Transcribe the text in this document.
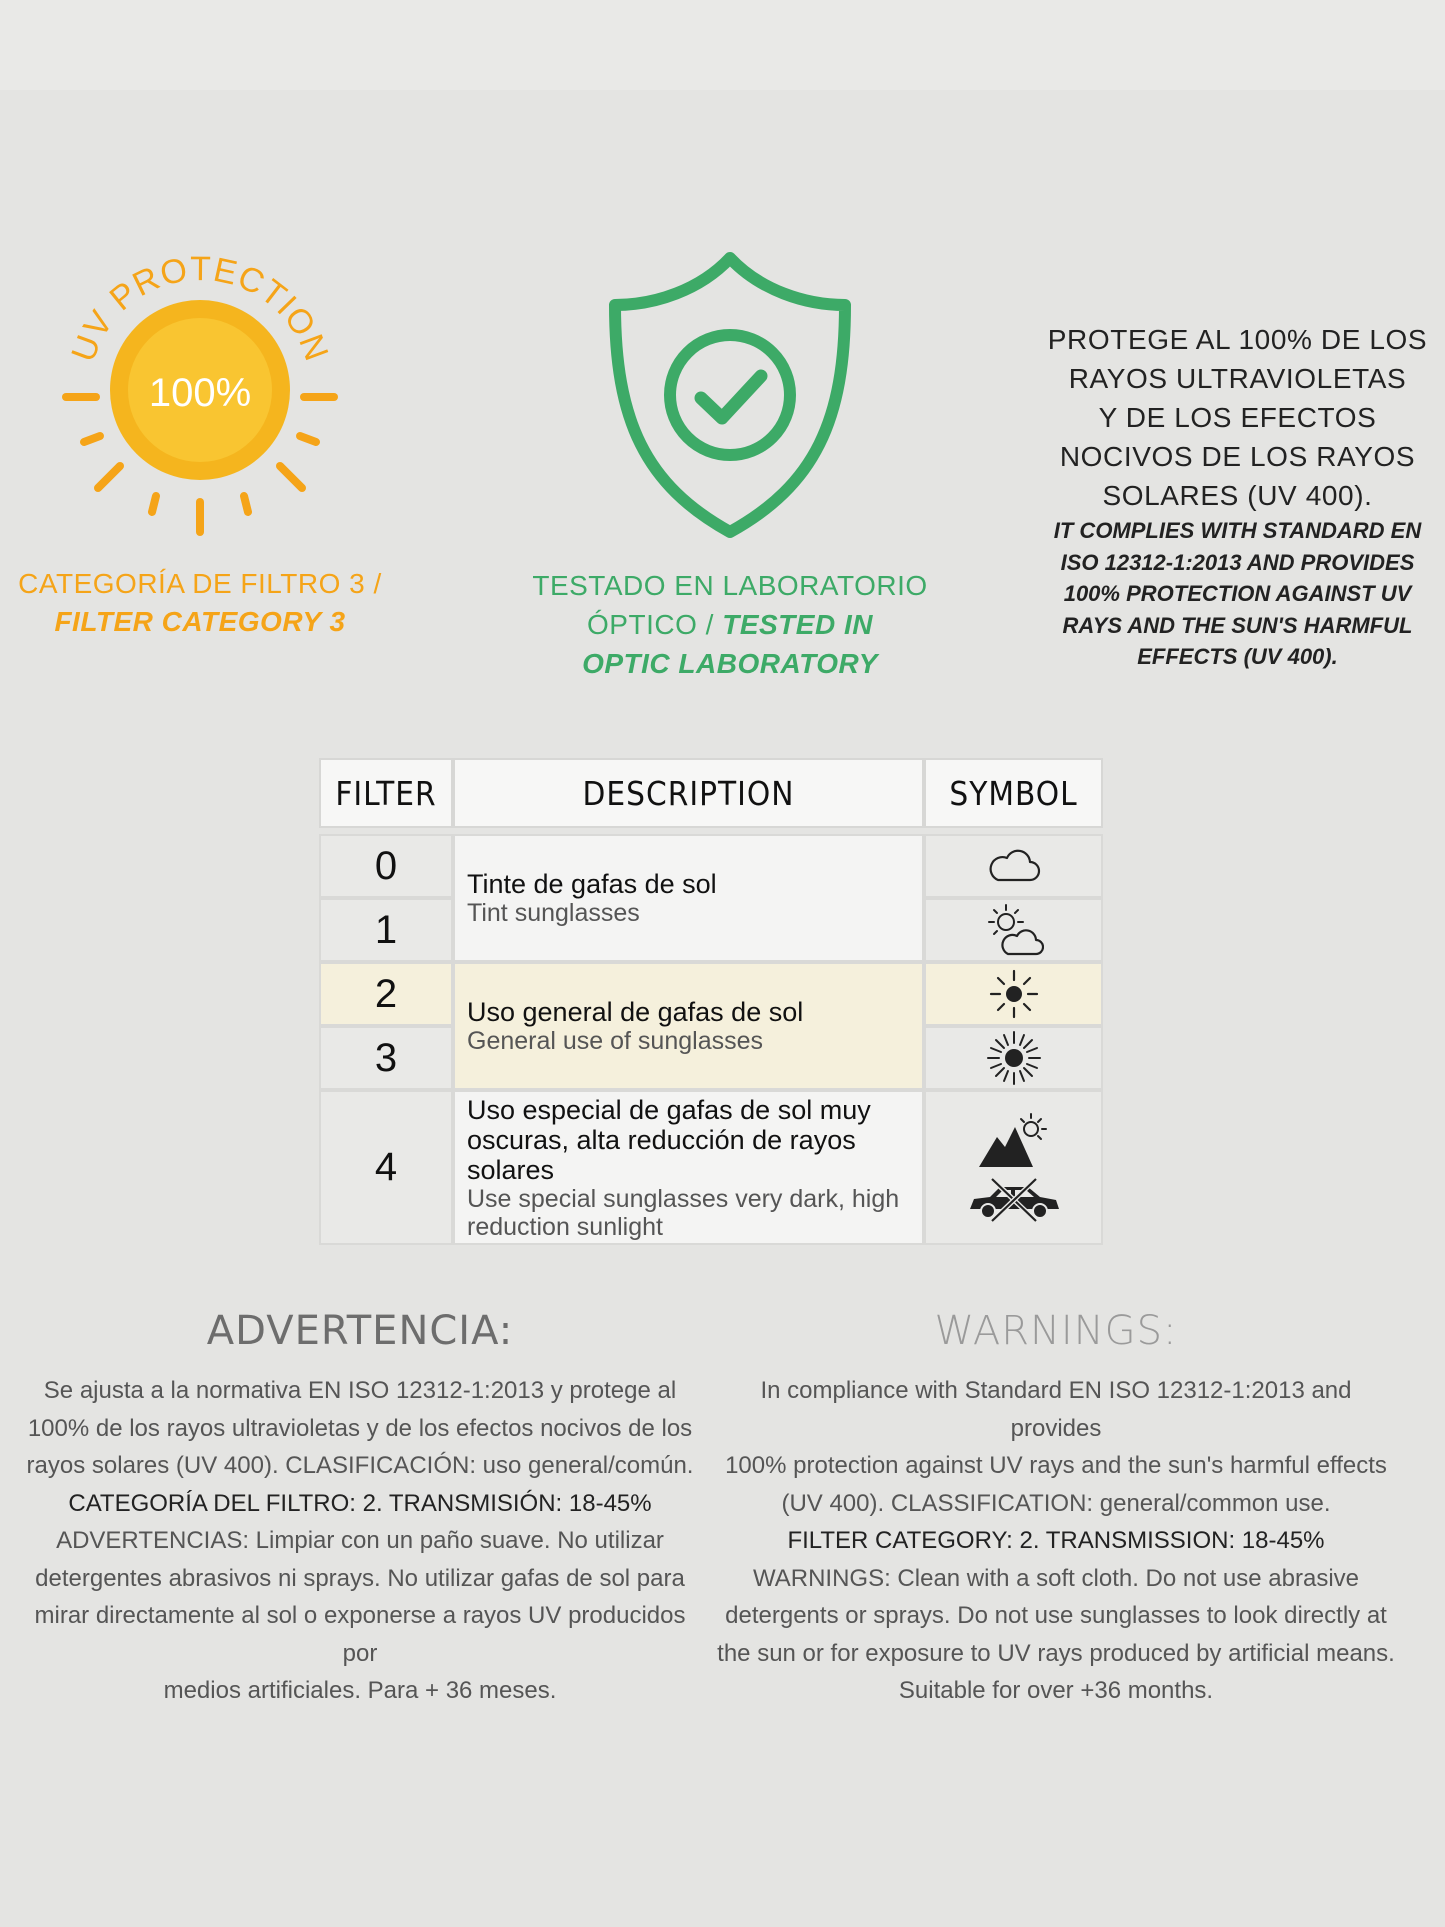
UV PROTECTION
100%
CATEGORÍA DE FILTRO 3 /
FILTER CATEGORY 3
TESTADO EN LABORATORIO
ÓPTICO / TESTED IN
OPTIC LABORATORY
PROTEGE AL 100% DE LOS
RAYOS ULTRAVIOLETAS
Y DE LOS EFECTOS
NOCIVOS DE LOS RAYOS
SOLARES (UV 400).
IT COMPLIES WITH STANDARD EN
ISO 12312-1:2013 AND PROVIDES
100% PROTECTION AGAINST UV
RAYS AND THE SUN'S HARMFUL
EFFECTS (UV 400).
FILTER	DESCRIPTION	SYMBOL
0
1
2
3
4
Tinte de gafas de sol
Tint sunglasses
Uso general de gafas de sol
General use of sunglasses
Uso especial de gafas de sol muy
oscuras, alta reducción de rayos solares
Use special sunglasses very dark, high
reduction sunlight
ADVERTENCIA:
Se ajusta a la normativa EN ISO 12312-1:2013 y protege al
100% de los rayos ultravioletas y de los efectos nocivos de los
rayos solares (UV 400). CLASIFICACIÓN: uso general/común.
CATEGORÍA DEL FILTRO: 2. TRANSMISIÓN: 18-45%
ADVERTENCIAS: Limpiar con un paño suave. No utilizar
detergentes abrasivos ni sprays. No utilizar gafas de sol para
mirar directamente al sol o exponerse a rayos UV producidos por
medios artificiales. Para + 36 meses.
WARNINGS:
In compliance with Standard EN ISO 12312-1:2013 and provides
100% protection against UV rays and the sun's harmful effects
(UV 400). CLASSIFICATION: general/common use.
FILTER CATEGORY: 2. TRANSMISSION: 18-45%
WARNINGS: Clean with a soft cloth. Do not use abrasive
detergents or sprays. Do not use sunglasses to look directly at
the sun or for exposure to UV rays produced by artificial means.
Suitable for over +36 months.
